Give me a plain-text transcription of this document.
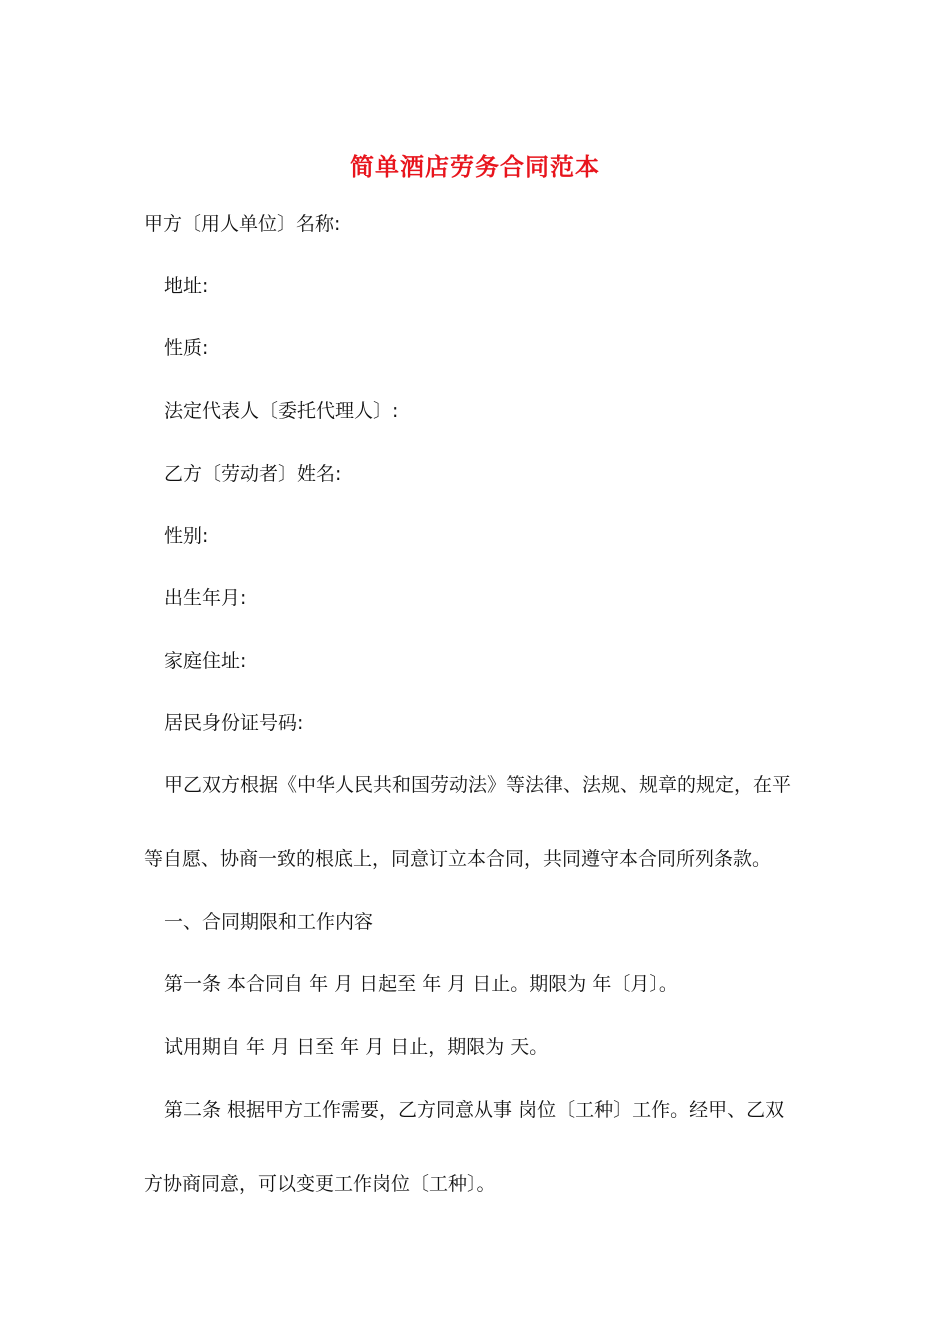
简单酒店劳务合同范本
甲方〔用人单位〕名称:
地址:
性质:
法定代表人〔委托代理人〕:
乙方〔劳动者〕姓名:
性别:
出生年月:
家庭住址:
居民身份证号码:
甲乙双方根据《中华人民共和国劳动法》等法律、法规、规章的规定，在平
等自愿、协商一致的根底上，同意订立本合同，共同遵守本合同所列条款。
一、合同期限和工作内容
第一条 本合同自 年 月 日起至 年 月 日止。期限为 年〔月〕。
试用期自 年 月 日至 年 月 日止，期限为 天。
第二条 根据甲方工作需要，乙方同意从事 岗位〔工种〕工作。经甲、乙双
方协商同意，可以变更工作岗位〔工种〕。
